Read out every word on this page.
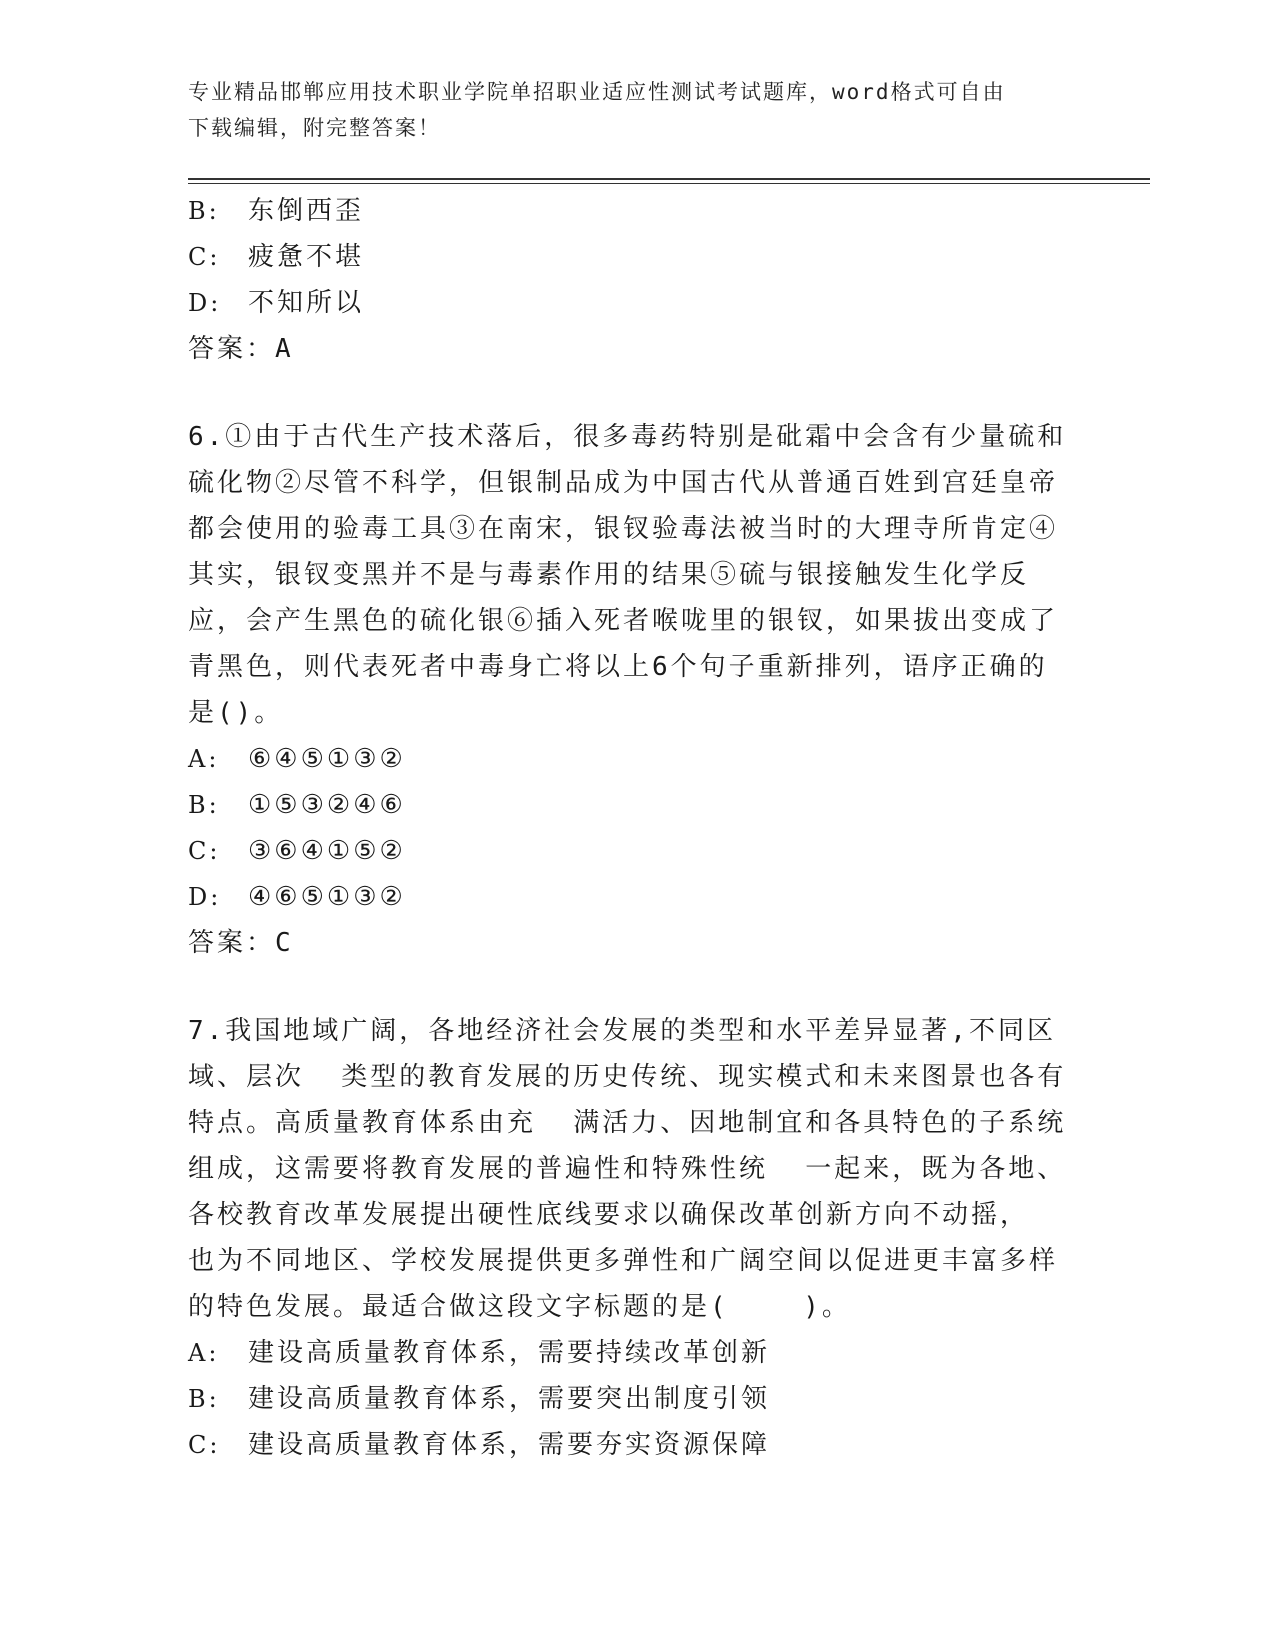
专业精品邯郸应用技术职业学院单招职业适应性测试考试题库，word格式可自由
下载编辑，附完整答案！
B:	东倒西歪
C:	疲惫不堪
D:	不知所以
答案：A

6.①由于古代生产技术落后，很多毒药特别是砒霜中会含有少量硫和硫化物②尽管不科学，但银制品成为中国古代从普通百姓到宫廷皇帝都会使用的验毒工具③在南宋，银钗验毒法被当时的大理寺所肯定④其实，银钗变黑并不是与毒素作用的结果⑤硫与银接触发生化学反应，会产生黑色的硫化银⑥插入死者喉咙里的银钗，如果拔出变成了青黑色，则代表死者中毒身亡将以上6个句子重新排列，语序正确的是()。

A:	⑥④⑤①③②
B:	①⑤③②④⑥
C:	③⑥④①⑤②
D:	④⑥⑤①③②
答案：C

7.我国地域广阔，各地经济社会发展的类型和水平差异显著,不同区域、层次  类型的教育发展的历史传统、现实模式和未来图景也各有特点。高质量教育体系由充  满活力、因地制宜和各具特色的子系统组成，这需要将教育发展的普遍性和特殊性统  一起来，既为各地、各校教育改革发展提出硬性底线要求以确保改革创新方向不动摇，  也为不同地区、学校发展提供更多弹性和广阔空间以促进更丰富多样的特色发展。最适合做这段文字标题的是(    )。

A:	建设高质量教育体系，需要持续改革创新
B:	建设高质量教育体系，需要突出制度引领
C:	建设高质量教育体系，需要夯实资源保障
